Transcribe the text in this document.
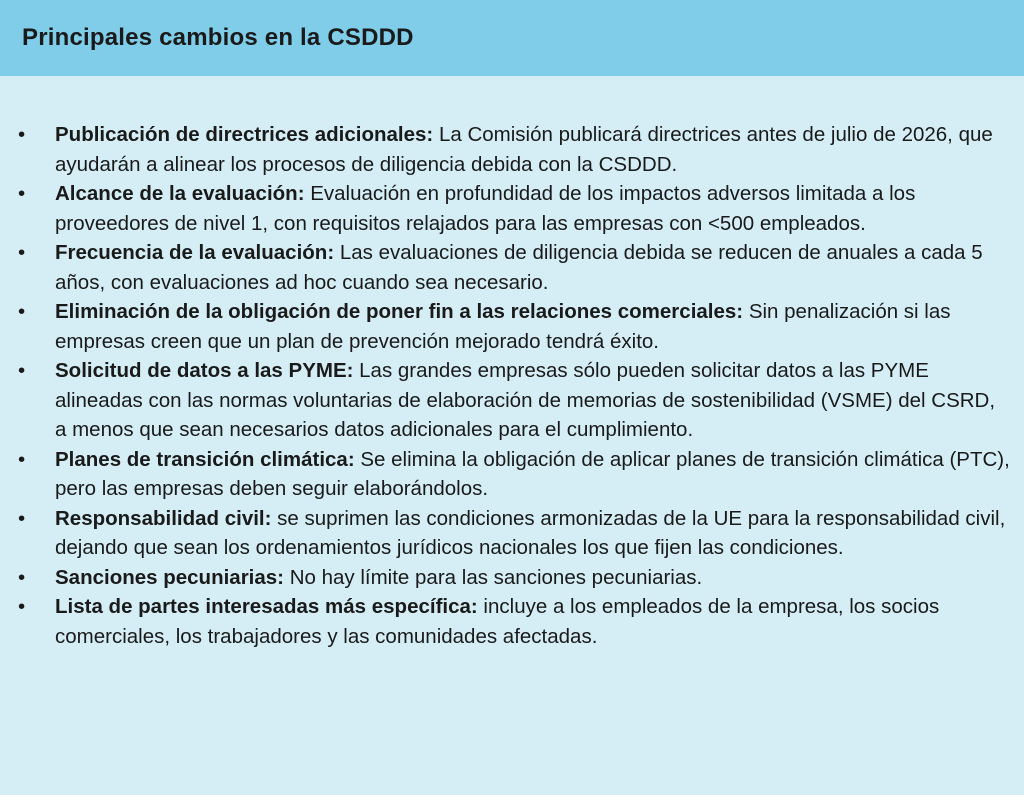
Principales cambios en la CSDDD
•	Publicación de directrices adicionales: La Comisión publicará directrices antes de julio de 2026, que ayudarán a alinear los procesos de diligencia debida con la CSDDD.
•	Alcance de la evaluación: Evaluación en profundidad de los impactos adversos limitada a los proveedores de nivel 1, con requisitos relajados para las empresas con <500 empleados.
•	Frecuencia de la evaluación: Las evaluaciones de diligencia debida se reducen de anuales a cada 5 años, con evaluaciones ad hoc cuando sea necesario.
•	Eliminación de la obligación de poner fin a las relaciones comerciales: Sin penalización si las empresas creen que un plan de prevención mejorado tendrá éxito.
•	Solicitud de datos a las PYME: Las grandes empresas sólo pueden solicitar datos a las PYME alineadas con las normas voluntarias de elaboración de memorias de sostenibilidad (VSME) del CSRD, a menos que sean necesarios datos adicionales para el cumplimiento.
•	Planes de transición climática: Se elimina la obligación de aplicar planes de transición climática (PTC), pero las empresas deben seguir elaborándolos.
•	Responsabilidad civil: se suprimen las condiciones armonizadas de la UE para la responsabilidad civil, dejando que sean los ordenamientos jurídicos nacionales los que fijen las condiciones.
•	Sanciones pecuniarias: No hay límite para las sanciones pecuniarias.
•	Lista de partes interesadas más específica: incluye a los empleados de la empresa, los socios comerciales, los trabajadores y las comunidades afectadas.
